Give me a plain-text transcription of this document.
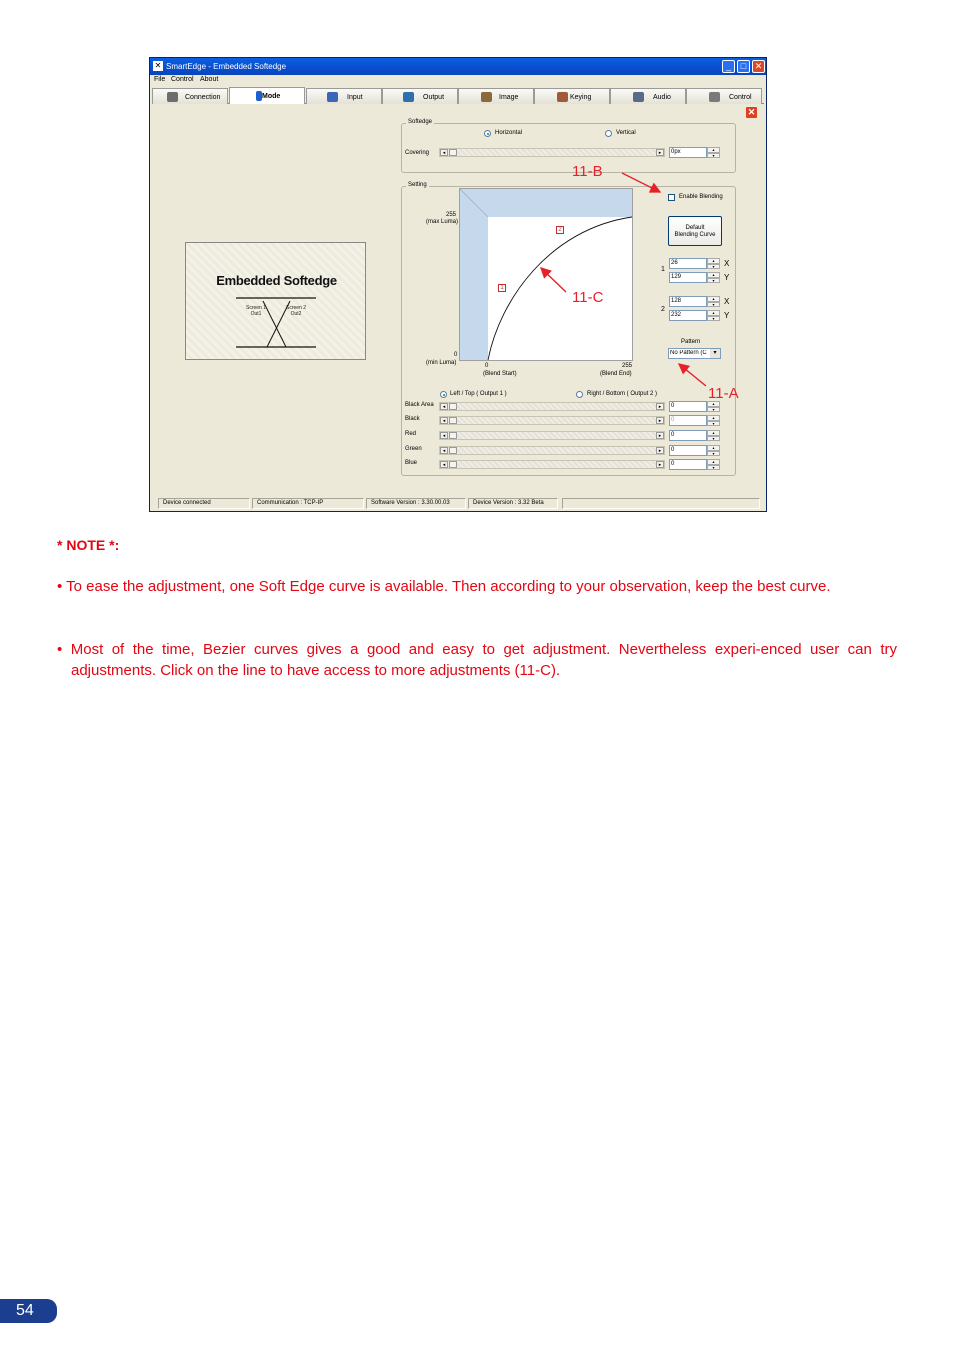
✕ SmartEdge - Embedded Softedge	_	□ ✕
File Control About
Connection	Mode	Input	Output	Image	Keying	Audio	Control
✕
Embedded Softedge
Screen 1
Out1
Screen 2
Out2
Softedge
Horizontal	Vertical
Covering	◂	▸	0px	▴
▾
Setting
Enable Blending
Default
Blending Curve
255
(max Luma)
0
(min Luma)
2
1
0
(Blend Start)
255
(Blend End)
1
26	▴
▾	X
129	▴
▾	Y
2
128	▴
▾	X
232	▴
▾	Y
Pattern
No Pattern (C	▾
Left / Top ( Output 1 )	Right / Bottom ( Output 2 )
Black Area	◂	▸	0	▴
▾
Black	◂	▸	0	▴
▾
Red	◂	▸	0	▴
▾
Green	◂	▸	0	▴
▾
Blue	◂	▸	0	▴
▾
Device connected	Communication : TCP-IP	Software Version : 3.30.00.03	Device Version : 3.32 Beta
11-B
11-C
11-A
* NOTE *:
• To ease the adjustment, one Soft Edge curve is available. Then according to your observation, keep the best curve.
• Most of the time, Bezier curves gives a good and easy to get adjustment. Nevertheless experi-enced user can try adjustments. Click on the line to have access to more adjustments (11-C).
54
